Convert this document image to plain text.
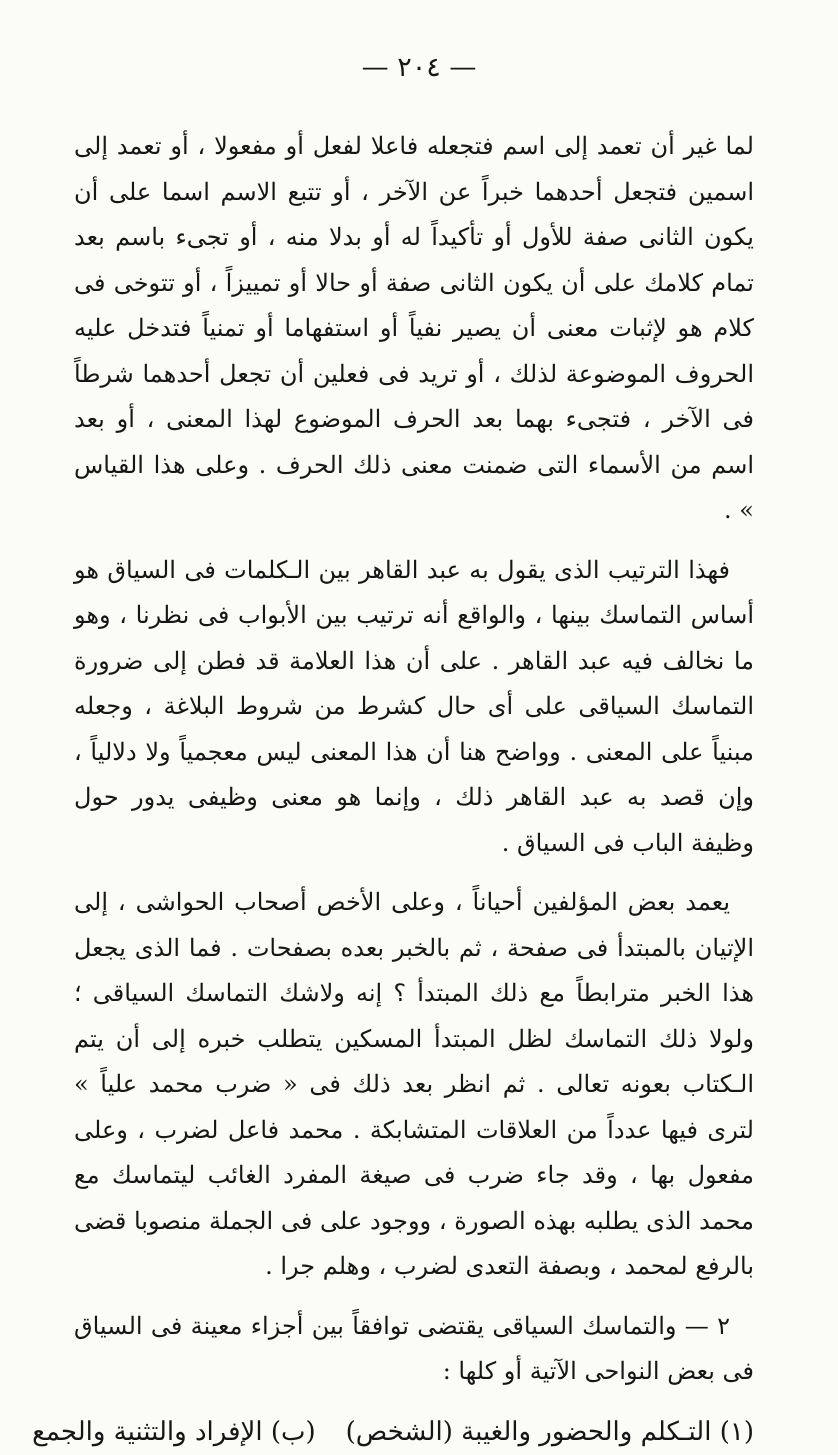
— ٢٠٤ —

لما غير أن تعمد إلى اسم فتجعله فاعلا لفعل أو مفعولا ، أو تعمد إلى اسمين فتجعل أحدهما خبراً عن الآخر ، أو تتبع الاسم اسما على أن يكون الثانى صفة للأول أو تأكيداً له أو بدلا منه ، أو تجىء باسم بعد تمام كلامك على أن يكون الثانى صفة أو حالا أو تمييزاً ، أو تتوخى فى كلام هو لإثبات معنى أن يصير نفياً أو استفهاما أو تمنياً فتدخل عليه الحروف الموضوعة لذلك ، أو تريد فى فعلين أن تجعل أحدهما شرطاً فى الآخر ، فتجىء بهما بعد الحرف الموضوع لهذا المعنى ، أو بعد اسم من الأسماء التى ضمنت معنى ذلك الحرف . وعلى هذا القياس » .

فهذا الترتيب الذى يقول به عبد القاهر بين الـكلمات فى السياق هو أساس التماسك بينها ، والواقع أنه ترتيب بين الأبواب فى نظرنا ، وهو ما نخالف فيه عبد القاهر . على أن هذا العلامة قد فطن إلى ضرورة التماسك السياقى على أى حال كشرط من شروط البلاغة ، وجعله مبنياً على المعنى . وواضح هنا أن هذا المعنى ليس معجمياً ولا دلالياً ، وإن قصد به عبد القاهر ذلك ، وإنما هو معنى وظيفى يدور حول وظيفة الباب فى السياق .

يعمد بعض المؤلفين أحياناً ، وعلى الأخص أصحاب الحواشى ، إلى الإتيان بالمبتدأ فى صفحة ، ثم بالخبر بعده بصفحات . فما الذى يجعل هذا الخبر مترابطاً مع ذلك المبتدأ ؟ إنه ولاشك التماسك السياقى ؛ ولولا ذلك التماسك لظل المبتدأ المسكين يتطلب خبره إلى أن يتم الـكتاب بعونه تعالى . ثم انظر بعد ذلك فى « ضرب محمد علياً » لترى فيها عدداً من العلاقات المتشابكة . محمد فاعل لضرب ، وعلى مفعول بها ، وقد جاء ضرب فى صيغة المفرد الغائب ليتماسك مع محمد الذى يطلبه بهذه الصورة ، ووجود على فى الجملة منصوبا قضى بالرفع لمحمد ، وبصفة التعدى لضرب ، وهلم جرا .

٢ — والتماسك السياقى يقتضى توافقاً بين أجزاء معينة فى السياق فى بعض النواحى الآتية أو كلها :

(١) التـكلم والحضور والغيبة (الشخص)(ب) الإفراد والتثنية والجمع
